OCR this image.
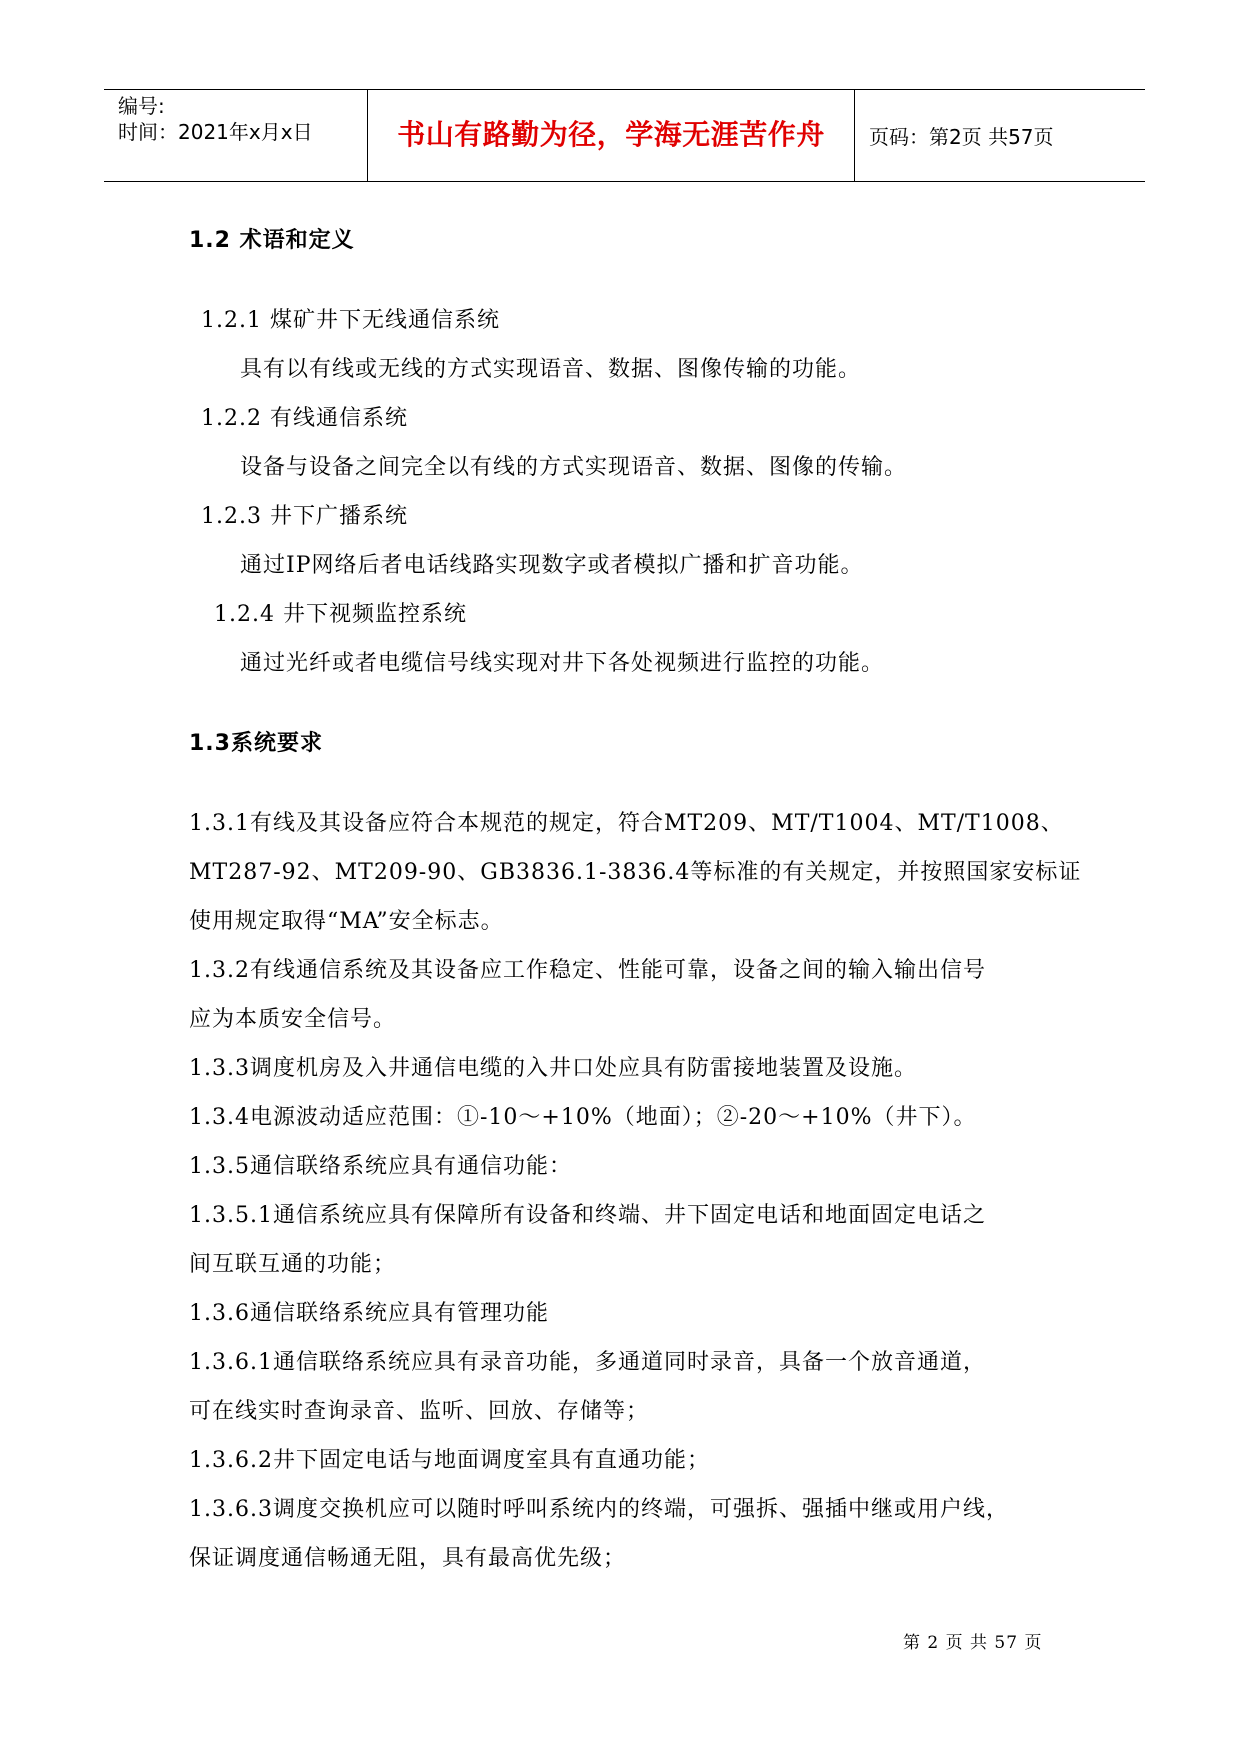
编号:
时间：2021年x月x日	书山有路勤为径，学海无涯苦作舟	页码：第2页 共57页
1.2 术语和定义
1.2.1 煤矿井下无线通信系统
具有以有线或无线的方式实现语音、数据、图像传输的功能。
1.2.2 有线通信系统
设备与设备之间完全以有线的方式实现语音、数据、图像的传输。
1.2.3 井下广播系统
通过IP网络后者电话线路实现数字或者模拟广播和扩音功能。
1.2.4 井下视频监控系统
通过光纤或者电缆信号线实现对井下各处视频进行监控的功能。
1.3系统要求
1.3.1有线及其设备应符合本规范的规定，符合MT209、MT/T1004、MT/T1008、
MT287-92、MT209-90、GB3836.1-3836.4等标准的有关规定，并按照国家安标证
使用规定取得“MA”安全标志。
1.3.2有线通信系统及其设备应工作稳定、性能可靠，设备之间的输入输出信号
应为本质安全信号。
1.3.3调度机房及入井通信电缆的入井口处应具有防雷接地装置及设施。
1.3.4电源波动适应范围：①-10～+10%（地面）；②-20～+10%（井下）。
1.3.5通信联络系统应具有通信功能：
1.3.5.1通信系统应具有保障所有设备和终端、井下固定电话和地面固定电话之
间互联互通的功能；
1.3.6通信联络系统应具有管理功能
1.3.6.1通信联络系统应具有录音功能，多通道同时录音，具备一个放音通道，
可在线实时查询录音、监听、回放、存储等；
1.3.6.2井下固定电话与地面调度室具有直通功能；
1.3.6.3调度交换机应可以随时呼叫系统内的终端，可强拆、强插中继或用户线，
保证调度通信畅通无阻，具有最高优先级；
第 2 页 共 57 页
